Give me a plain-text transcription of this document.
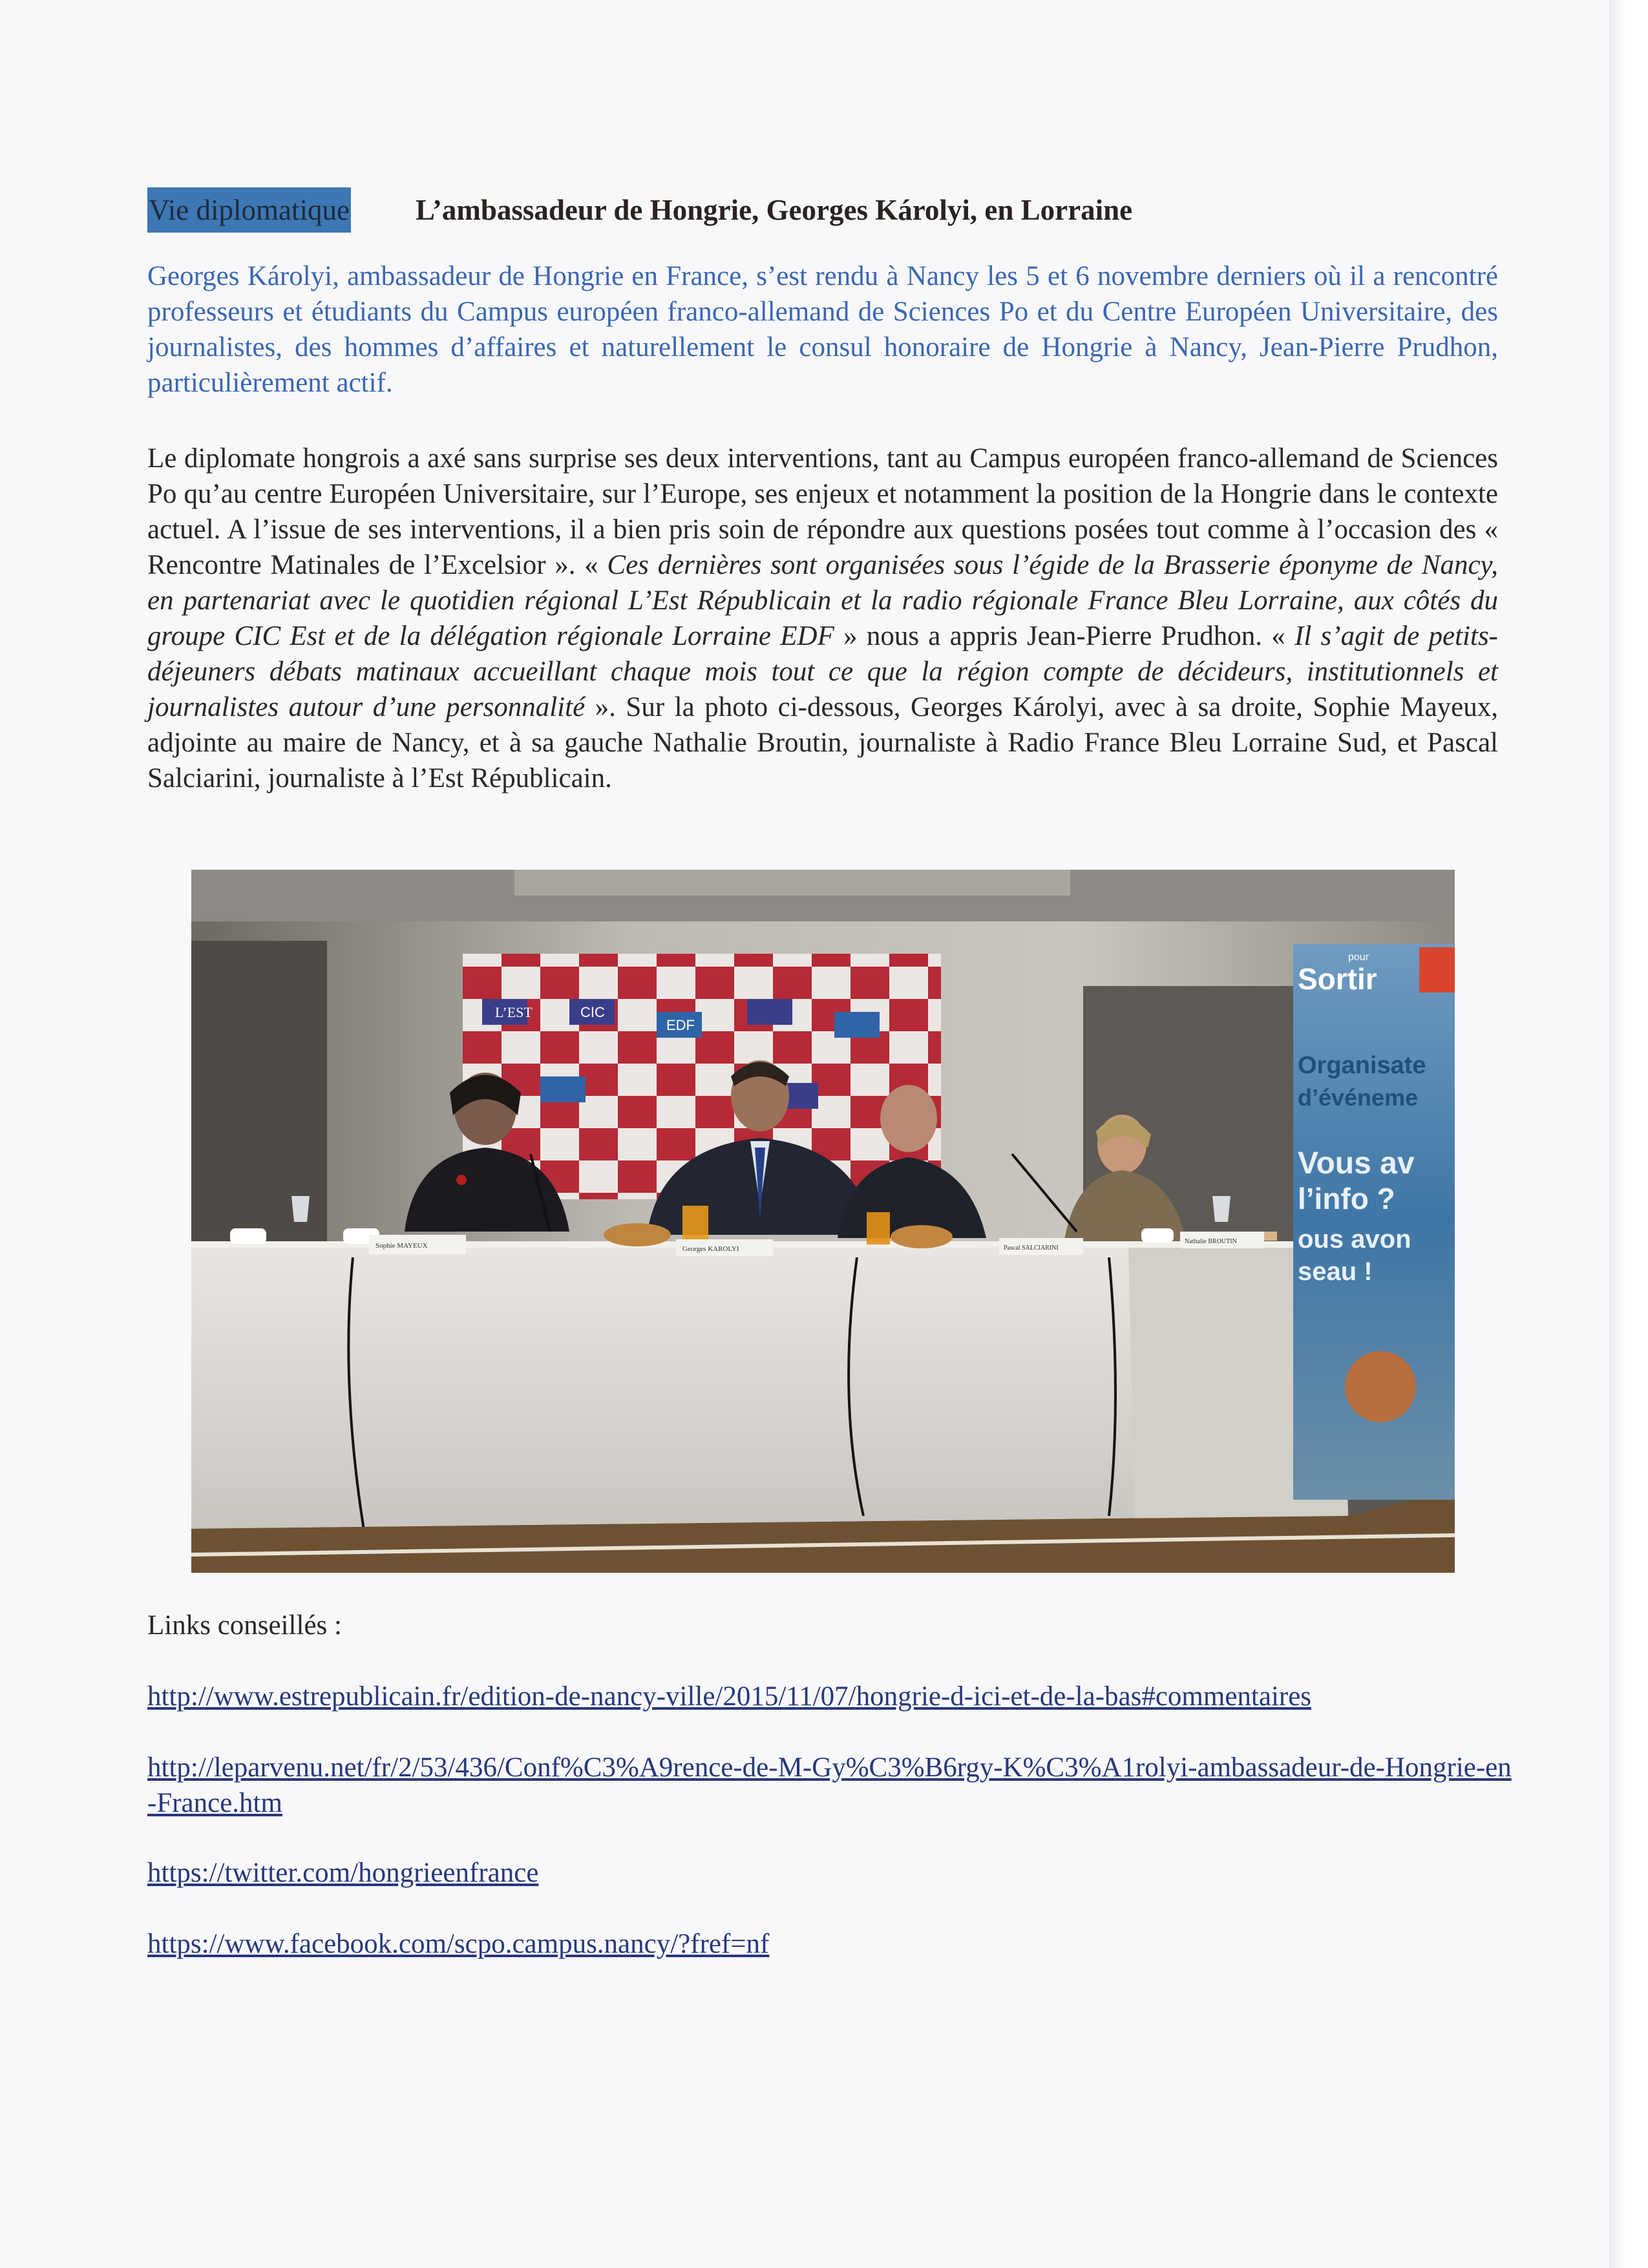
Vie diplomatique L’ambassadeur de Hongrie, Georges Károlyi, en Lorraine

Georges Károlyi, ambassadeur de Hongrie en France, s’est rendu à Nancy les 5 et 6 novembre derniers où il a rencontré professeurs et étudiants du Campus européen franco-allemand de Sciences Po et du Centre Européen Universitaire, des journalistes, des hommes d’affaires et naturellement le consul honoraire de Hongrie à Nancy, Jean-Pierre Prudhon, particulièrement actif.

Le diplomate hongrois a axé sans surprise ses deux interventions, tant au Campus européen franco-allemand de Sciences Po qu’au centre Européen Universitaire, sur l’Europe, ses enjeux et notamment la position de la Hongrie dans le contexte actuel. A l’issue de ses interventions, il a bien pris soin de répondre aux questions posées tout comme à l’occasion des « Rencontre Matinales de l’Excelsior ». « Ces dernières sont organisées sous l’égide de la Brasserie éponyme de Nancy, en partenariat avec le quotidien régional L’Est Républicain et la radio régionale France Bleu Lorraine, aux côtés du groupe CIC Est et de la délégation régionale Lorraine EDF » nous a appris Jean-Pierre Prudhon. « Il s’agit de petits-déjeuners débats matinaux accueillant chaque mois tout ce que la région compte de décideurs, institutionnels et journalistes autour d’une personnalité ». Sur la photo ci-dessous, Georges Károlyi, avec à sa droite, Sophie Mayeux, adjointe au maire de Nancy, et à sa gauche Nathalie Broutin, journaliste à Radio France Bleu Lorraine Sud, et Pascal Salciarini, journaliste à l’Est Républicain.

L’EST	CIC
EDF
Sophie MAYEUX	Georges KAROLYI	Pascal SALCIARINI
Nathalie BROUTIN
pour
Sortir
Organisate
d’événeme
Vous av
l’info ?
ous avon
seau !

Links conseillés :

http://www.estrepublicain.fr/edition-de-nancy-ville/2015/11/07/hongrie-d-ici-et-de-la-bas#commentaires

http://leparvenu.net/fr/2/53/436/Conf%C3%A9rence-de-M-Gy%C3%B6rgy-K%C3%A1rolyi-ambassadeur-de-Hongrie-en-France.htm

https://twitter.com/hongrieenfrance

https://www.facebook.com/scpo.campus.nancy/?fref=nf
